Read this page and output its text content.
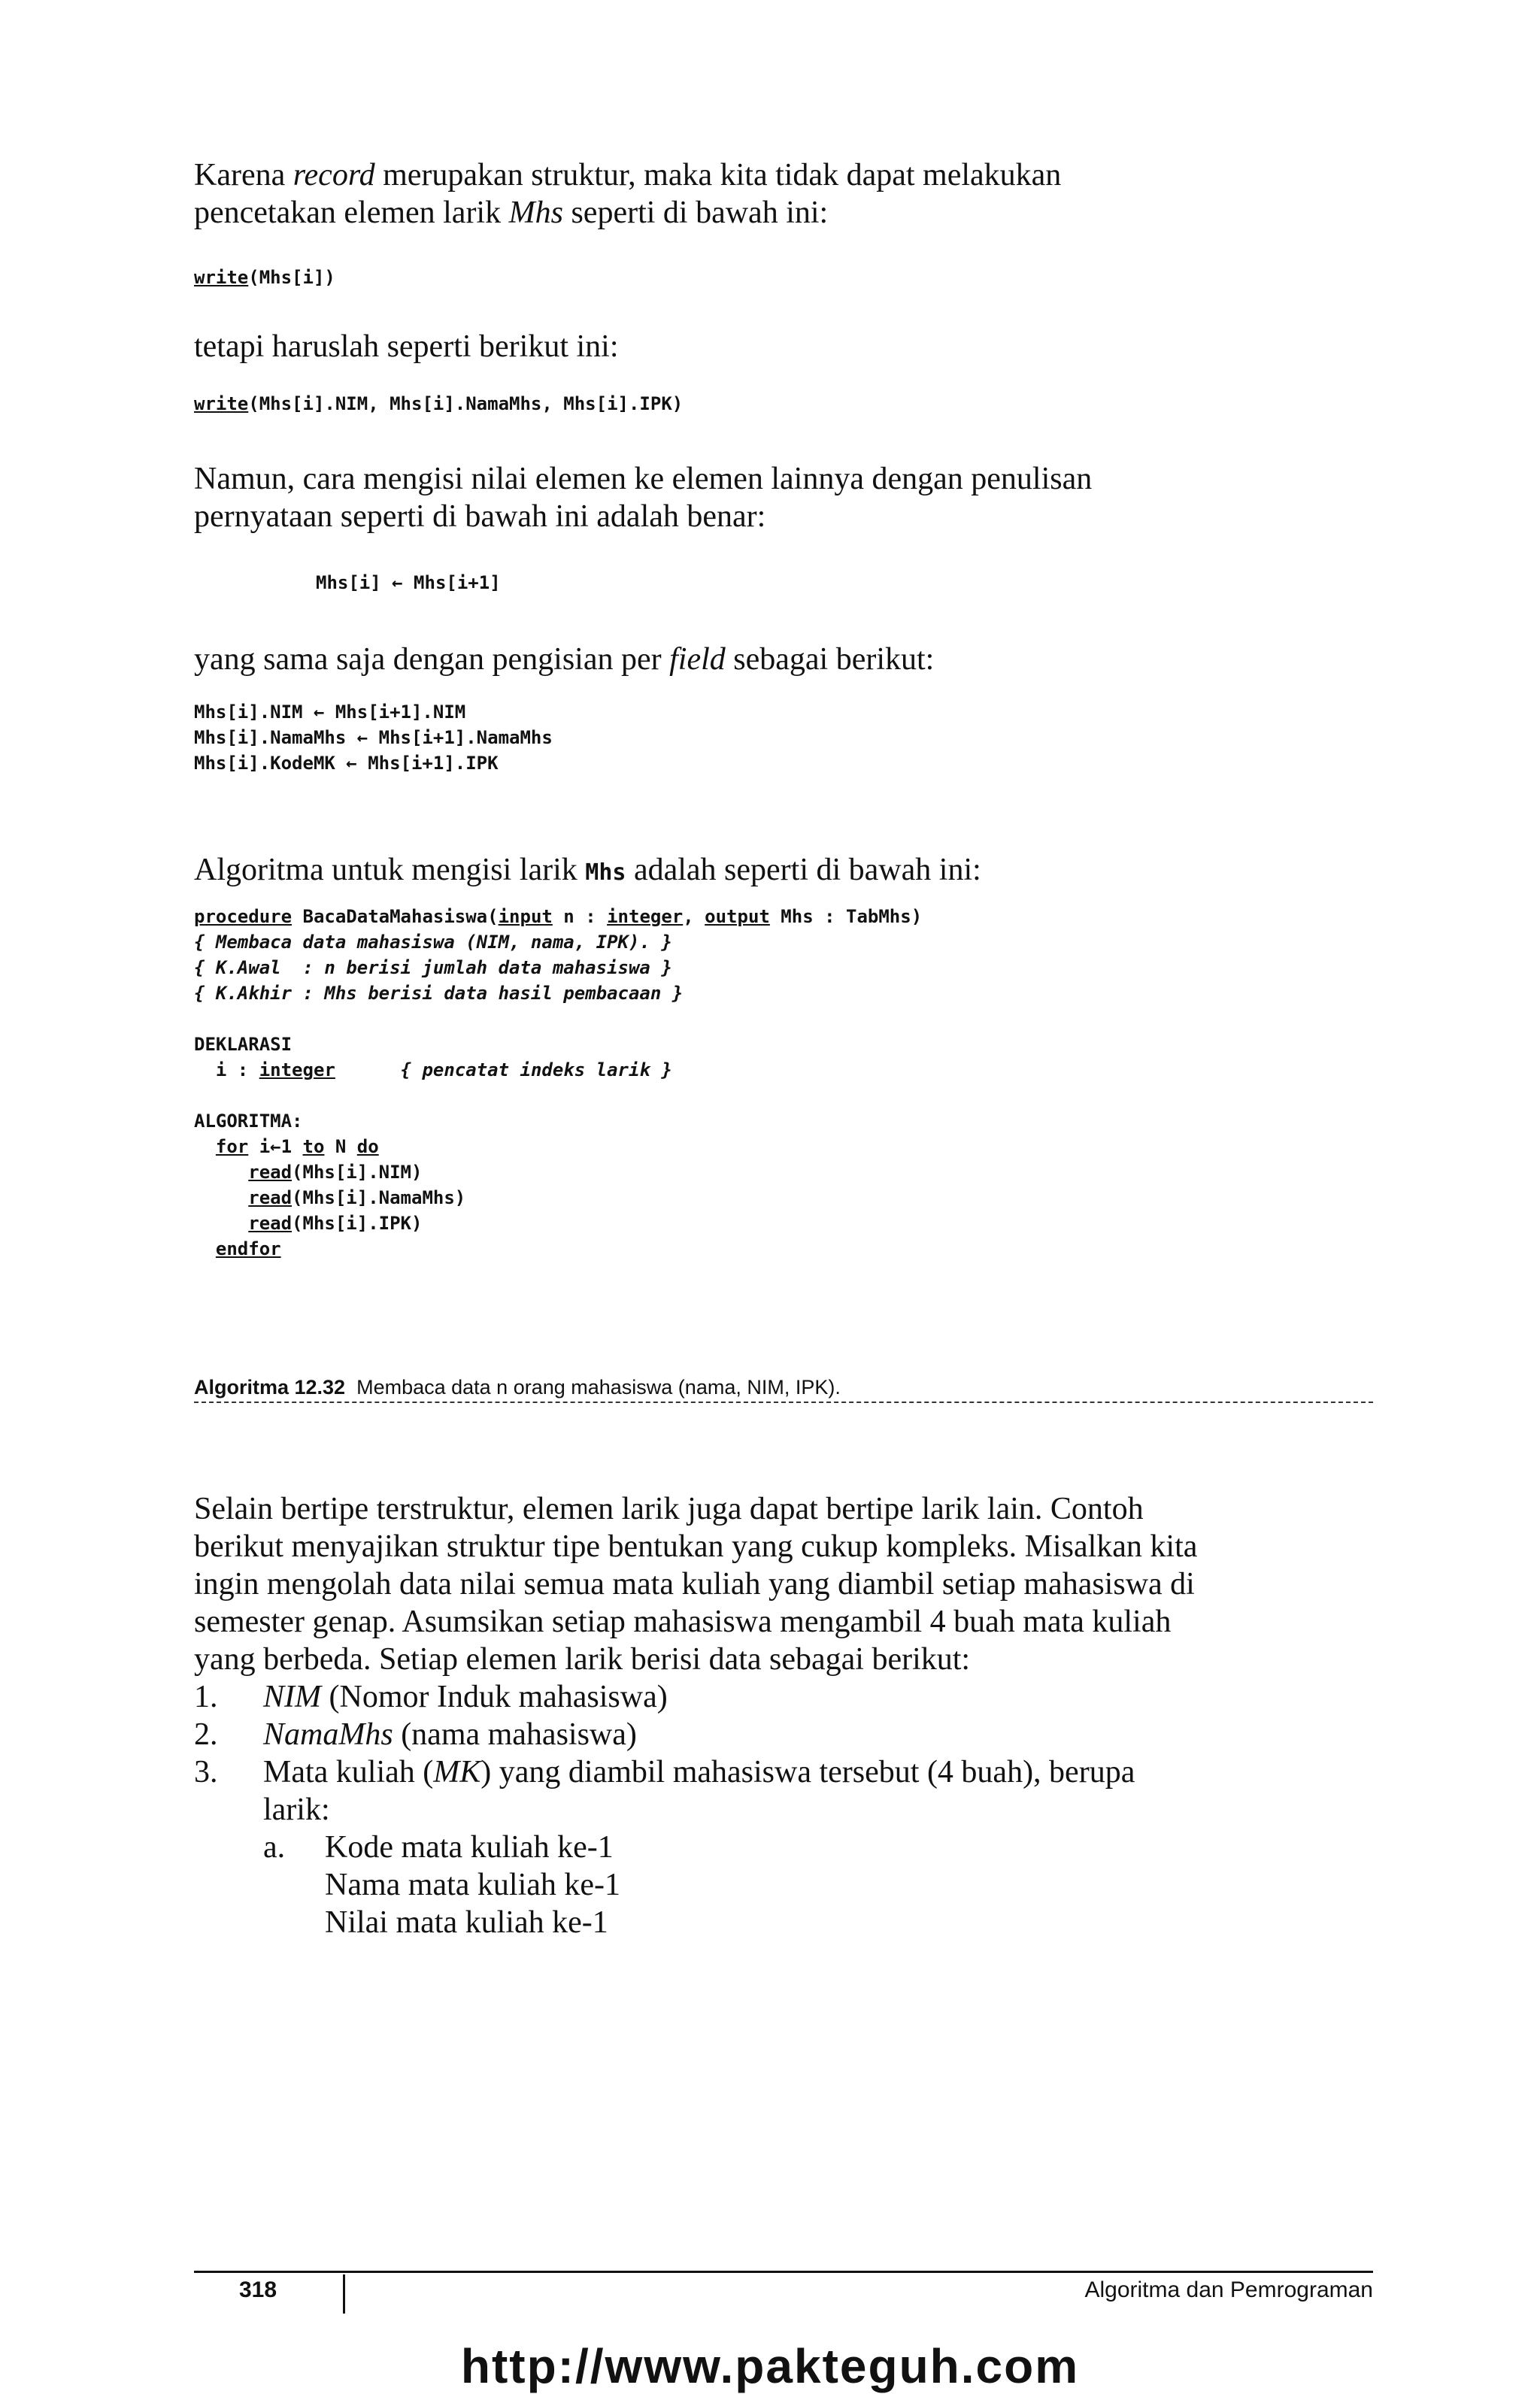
Karena record merupakan struktur, maka kita tidak dapat melakukan
pencetakan elemen larik Mhs seperti di bawah ini:
write(Mhs[i])
tetapi haruslah seperti berikut ini:
write(Mhs[i].NIM, Mhs[i].NamaMhs, Mhs[i].IPK)
Namun, cara mengisi nilai elemen ke elemen lainnya dengan penulisan
pernyataan seperti di bawah ini adalah benar:
Mhs[i] ← Mhs[i+1]
yang sama saja dengan pengisian per field sebagai berikut:
Mhs[i].NIM ← Mhs[i+1].NIM
Mhs[i].NamaMhs ← Mhs[i+1].NamaMhs
Mhs[i].KodeMK ← Mhs[i+1].IPK
Algoritma untuk mengisi larik Mhs adalah seperti di bawah ini:
procedure BacaDataMahasiswa(input n : integer, output Mhs : TabMhs)
{ Membaca data mahasiswa (NIM, nama, IPK). }
{ K.Awal  : n berisi jumlah data mahasiswa }
{ K.Akhir : Mhs berisi data hasil pembacaan }
DEKLARASI
i : integer      { pencatat indeks larik }
ALGORITMA:
for i←1 to N do
read(Mhs[i].NIM)
read(Mhs[i].NamaMhs)
read(Mhs[i].IPK)
endfor
Algoritma 12.32  Membaca data n orang mahasiswa (nama, NIM, IPK).
Selain bertipe terstruktur, elemen larik juga dapat bertipe larik lain. Contoh
berikut menyajikan struktur tipe bentukan yang cukup kompleks. Misalkan kita
ingin mengolah data nilai semua mata kuliah yang diambil setiap mahasiswa di
semester genap. Asumsikan setiap mahasiswa mengambil 4 buah mata kuliah
yang berbeda. Setiap elemen larik berisi data sebagai berikut:
1.	NIM (Nomor Induk mahasiswa)
2.	NamaMhs (nama mahasiswa)
3.	Mata kuliah (MK) yang diambil mahasiswa tersebut (4 buah), berupa
larik:
a.	Kode mata kuliah ke-1
Nama mata kuliah ke-1
Nilai mata kuliah ke-1
318	Algoritma dan Pemrograman
http://www.pakteguh.com
